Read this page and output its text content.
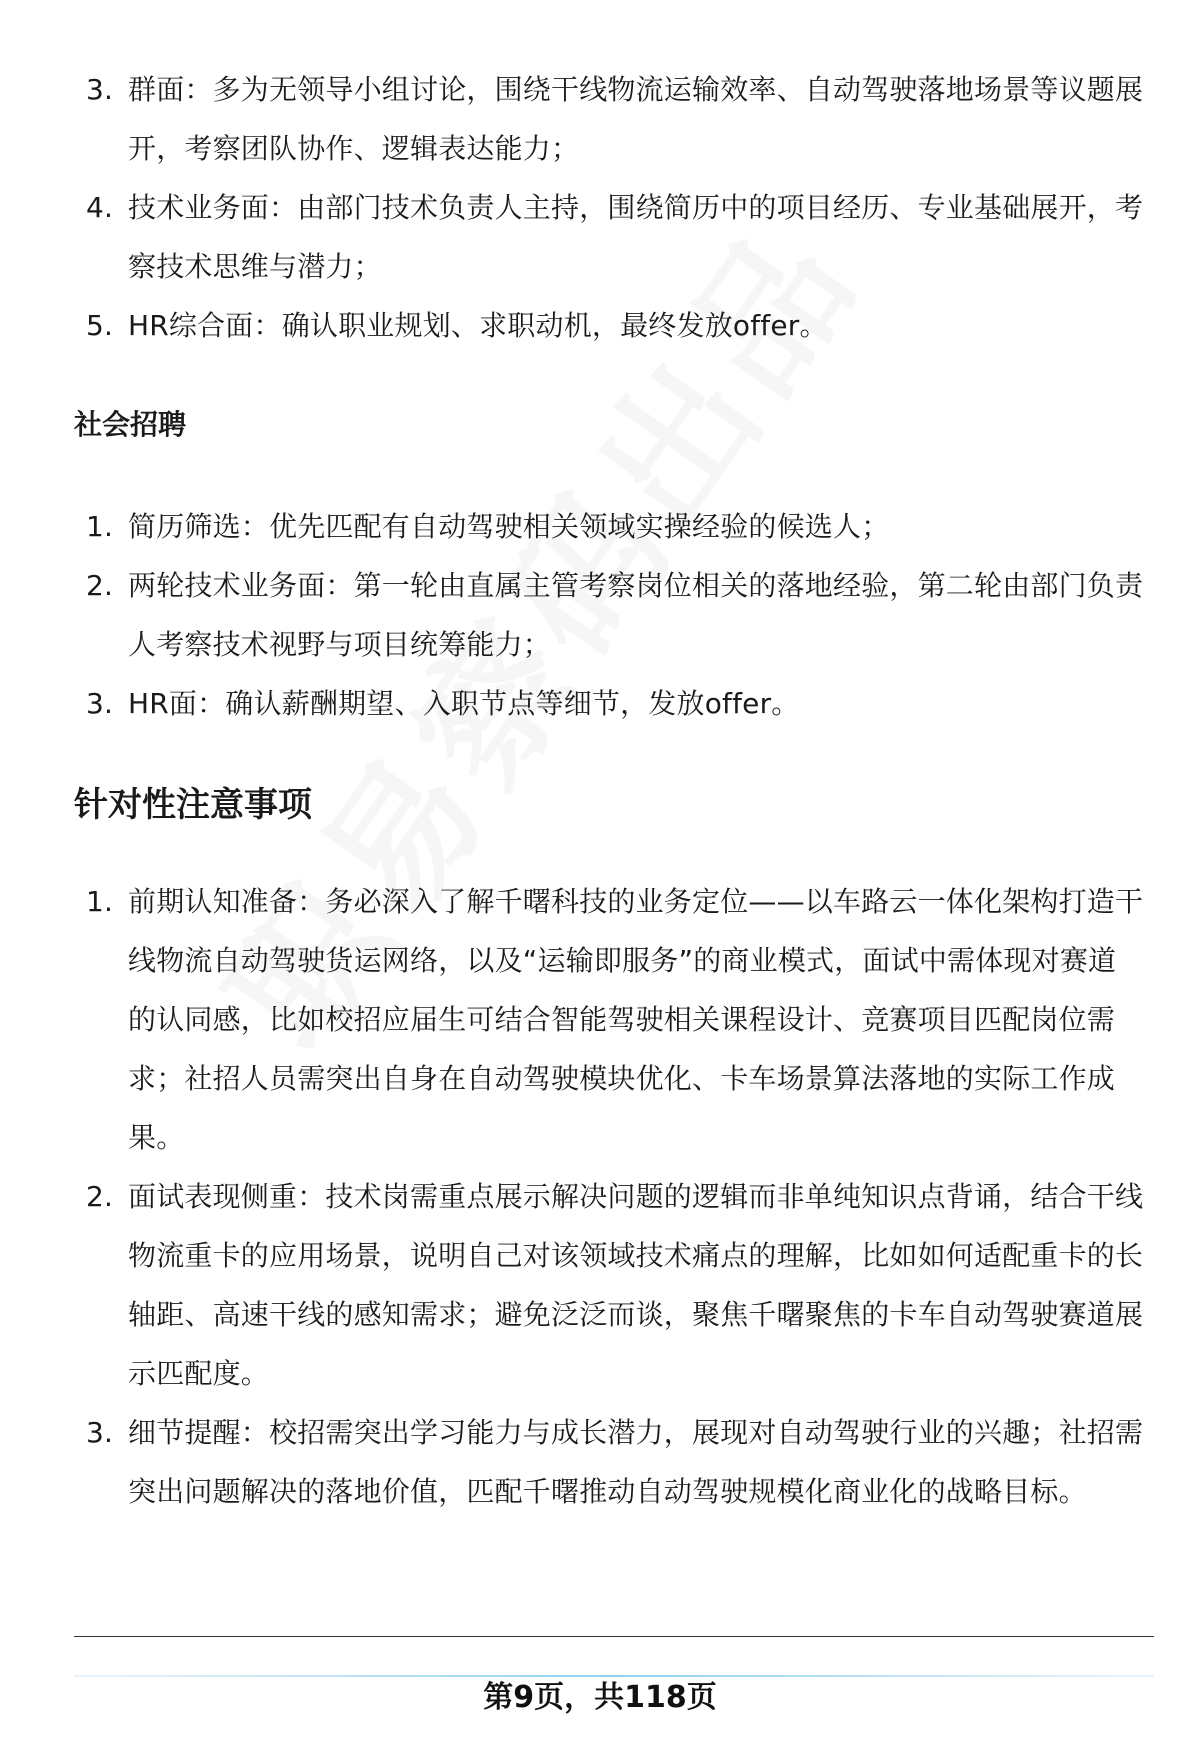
3. 群面：多为无领导小组讨论，围绕干线物流运输效率、自动驾驶落地场景等议题展开，考察团队协作、逻辑表达能力；
4. 技术业务面：由部门技术负责人主持，围绕简历中的项目经历、专业基础展开，考察技术思维与潜力；
5. HR综合面：确认职业规划、求职动机，最终发放offer。
社会招聘
1. 简历筛选：优先匹配有自动驾驶相关领域实操经验的候选人；
2. 两轮技术业务面：第一轮由直属主管考察岗位相关的落地经验，第二轮由部门负责人考察技术视野与项目统筹能力；
3. HR面：确认薪酬期望、入职节点等细节，发放offer。
针对性注意事项
1. 前期认知准备：务必深入了解千曙科技的业务定位——以车路云一体化架构打造干线物流自动驾驶货运网络，以及“运输即服务”的商业模式，面试中需体现对赛道的认同感，比如校招应届生可结合智能驾驶相关课程设计、竞赛项目匹配岗位需求；社招人员需突出自身在自动驾驶模块优化、卡车场景算法落地的实际工作成果。
2. 面试表现侧重：技术岗需重点展示解决问题的逻辑而非单纯知识点背诵，结合干线物流重卡的应用场景，说明自己对该领域技术痛点的理解，比如如何适配重卡的长轴距、高速干线的感知需求；避免泛泛而谈，聚焦千曙聚焦的卡车自动驾驶赛道展示匹配度。
3. 细节提醒：校招需突出学习能力与成长潜力，展现对自动驾驶行业的兴趣；社招需突出问题解决的落地价值，匹配千曙推动自动驾驶规模化商业化的战略目标。
第9页，共118页
